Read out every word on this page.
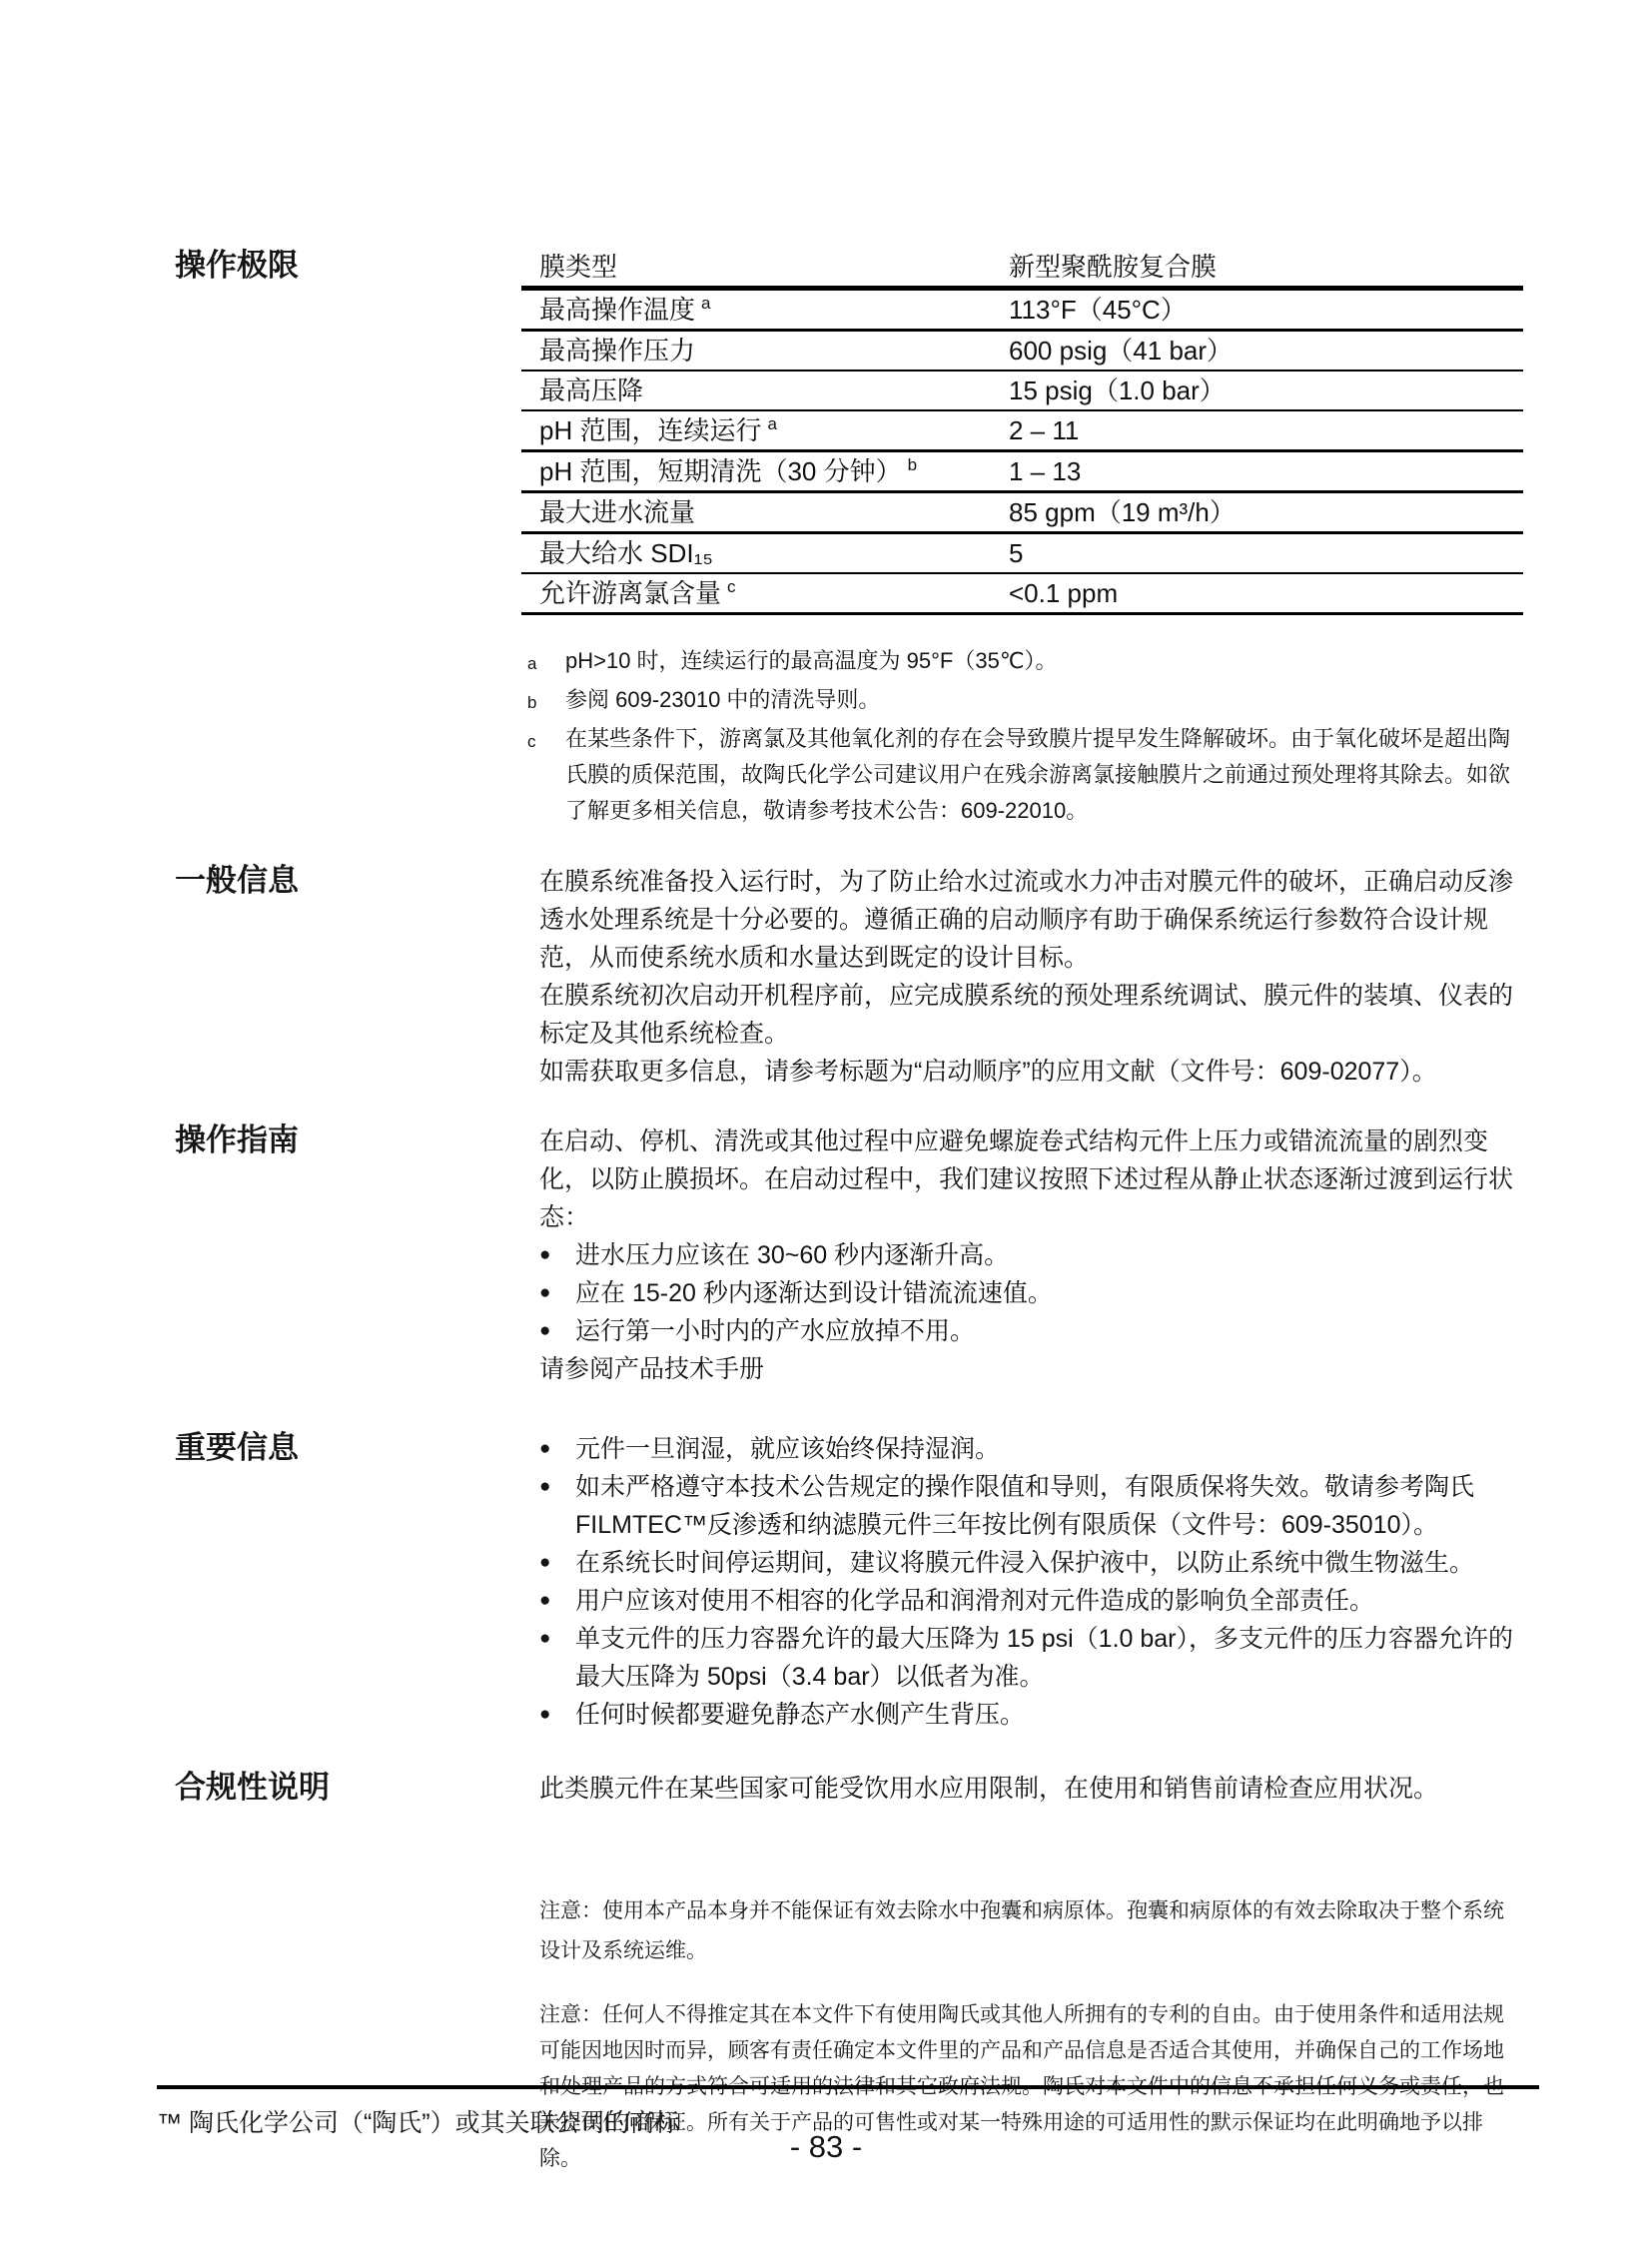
操作极限	膜类型	新型聚酰胺复合膜
最高操作温度 $^a$	113°F（45°C）
最高操作压力	600 psig（41 bar）
最高压降	15 psig（1.0 bar）
pH 范围，连续运行 $^a$	2 – 11
pH 范围，短期清洗（30 分钟） $^b$	1 – 13
最大进水流量	85 gpm（19 m³/h）
最大给水 SDI₁₅	5
允许游离氯含量 $^c$	<0.1 ppm
a	pH>10 时，连续运行的最高温度为 95°F（35℃）。
b	参阅 609-23010 中的清洗导则。
c	在某些条件下，游离氯及其他氧化剂的存在会导致膜片提早发生降解破坏。由于氧化破坏是超出陶氏膜的质保范围，故陶氏化学公司建议用户在残余游离氯接触膜片之前通过预处理将其除去。如欲了解更多相关信息，敬请参考技术公告：609-22010。
一般信息	在膜系统准备投入运行时，为了防止给水过流或水力冲击对膜元件的破坏，正确启动反渗透水处理系统是十分必要的。遵循正确的启动顺序有助于确保系统运行参数符合设计规范，从而使系统水质和水量达到既定的设计目标。
在膜系统初次启动开机程序前，应完成膜系统的预处理系统调试、膜元件的装填、仪表的标定及其他系统检查。
如需获取更多信息，请参考标题为“启动顺序”的应用文献（文件号：609-02077）。
操作指南	在启动、停机、清洗或其他过程中应避免螺旋卷式结构元件上压力或错流流量的剧烈变化，以防止膜损坏。在启动过程中，我们建议按照下述过程从静止状态逐渐过渡到运行状态：
● 进水压力应该在 30~60 秒内逐渐升高。
● 应在 15-20 秒内逐渐达到设计错流流速值。
● 运行第一小时内的产水应放掉不用。
请参阅产品技术手册
重要信息	● 元件一旦润湿，就应该始终保持湿润。
● 如未严格遵守本技术公告规定的操作限值和导则，有限质保将失效。敬请参考陶氏 FILMTEC™反渗透和纳滤膜元件三年按比例有限质保（文件号：609-35010）。
● 在系统长时间停运期间，建议将膜元件浸入保护液中，以防止系统中微生物滋生。
● 用户应该对使用不相容的化学品和润滑剂对元件造成的影响负全部责任。
● 单支元件的压力容器允许的最大压降为 15 psi（1.0 bar），多支元件的压力容器允许的最大压降为 50psi（3.4 bar）以低者为准。
● 任何时候都要避免静态产水侧产生背压。
合规性说明	此类膜元件在某些国家可能受饮用水应用限制，在使用和销售前请检查应用状况。
注意：使用本产品本身并不能保证有效去除水中孢囊和病原体。孢囊和病原体的有效去除取决于整个系统设计及系统运维。
注意：任何人不得推定其在本文件下有使用陶氏或其他人所拥有的专利的自由。由于使用条件和适用法规可能因地因时而异，顾客有责任确定本文件里的产品和产品信息是否适合其使用，并确保自己的工作场地和处理产品的方式符合可适用的法律和其它政府法规。陶氏对本文件中的信息不承担任何义务或责任，也未提供任何保证。所有关于产品的可售性或对某一特殊用途的可适用性的默示保证均在此明确地予以排除。
™ 陶氏化学公司（“陶氏”）或其关联公司的商标
- 83 -
